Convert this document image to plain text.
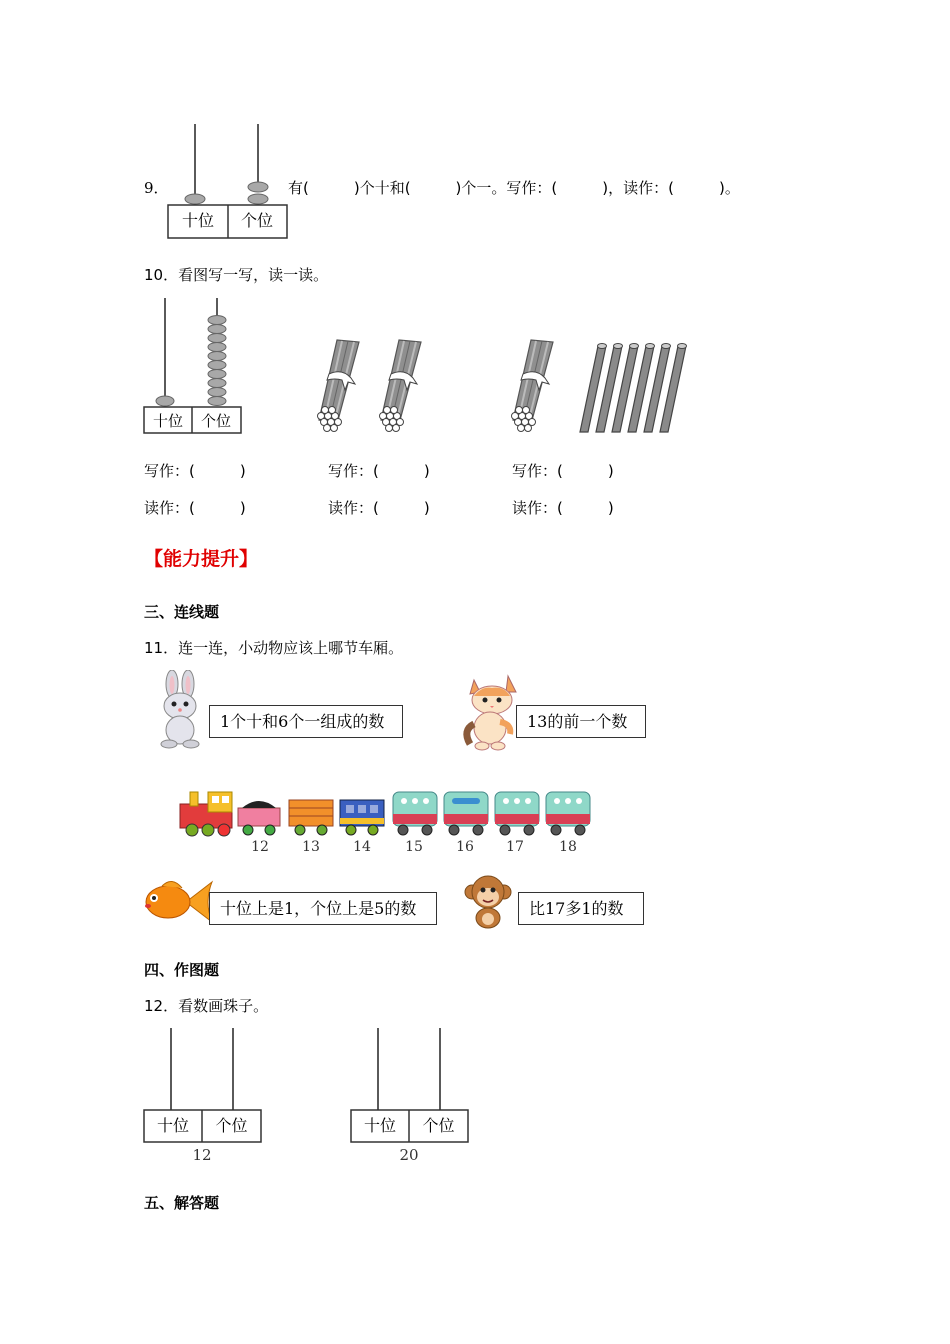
9．
十位	个位
有(　　　)个十和(　　　)个一。写作：(　　　)，读作：(　　　)。
10．看图写一写，读一读。
十位	个位
写作：(　　　)	写作：(　　　)	写作：(　　　)
读作：(　　　)	读作：(　　　)	读作：(　　　)
【能力提升】
三、连线题
11．连一连，小动物应该上哪节车厢。
1个十和6个一组成的数	13的前一个数
12	13	14	15	16	17	18
十位上是1，个位上是5的数	比17多1的数
四、作图题
12．看数画珠子。
十位	个位
12
十位	个位
20
五、解答题
